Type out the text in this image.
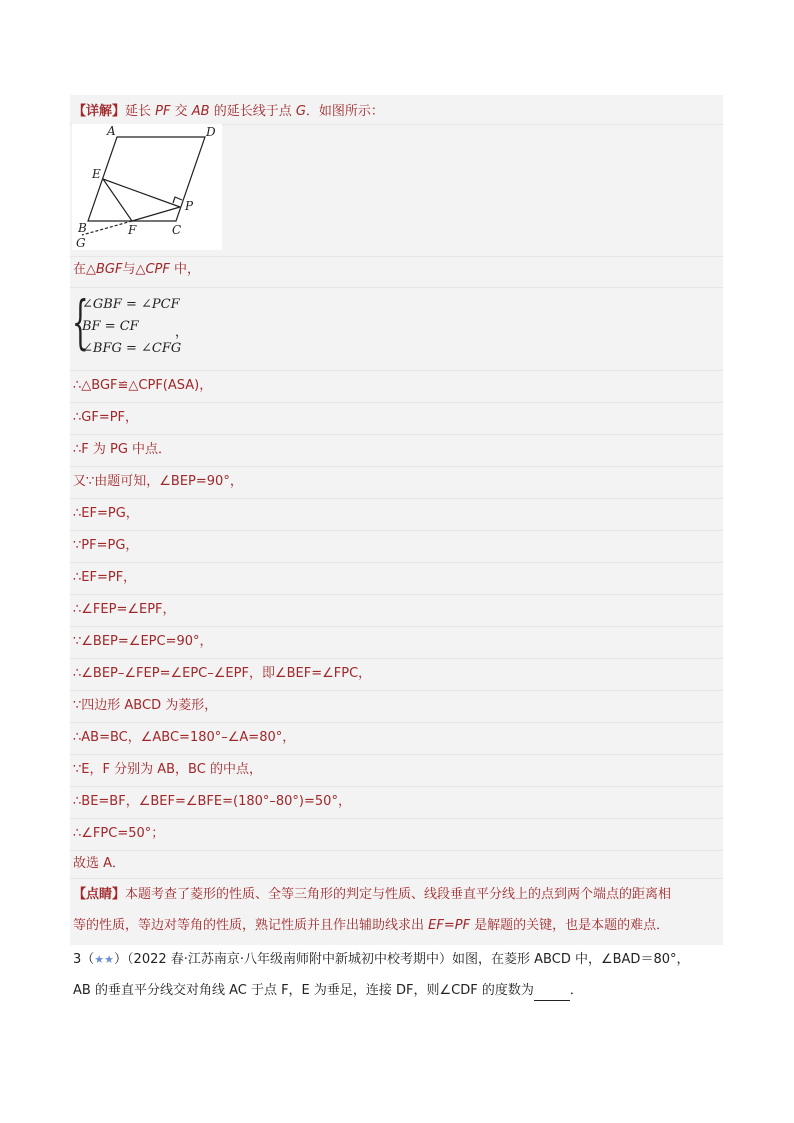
【详解】延长 PF 交 AB 的延长线于点 G．如图所示：
A	D
E
P
B	F	C
G
在△BGF与△CPF 中，
{
∠GBF = ∠PCF
BF = CF	，
∠BFG = ∠CFG
∴△BGF≌△CPF(ASA)，
∴GF=PF，
∴F 为 PG 中点．
又∵由题可知，∠BEP=90°，
∴EF=PG，
∵PF=PG，
∴EF=PF，
∴∠FEP=∠EPF，
∵∠BEP=∠EPC=90°，
∴∠BEP–∠FEP=∠EPC–∠EPF，即∠BEF=∠FPC，
∵四边形 ABCD 为菱形，
∴AB=BC，∠ABC=180°–∠A=80°，
∵E，F 分别为 AB，BC 的中点，
∴BE=BF，∠BEF=∠BFE=(180°–80°)=50°，
∴∠FPC=50°；
故选 A．
【点睛】本题考查了菱形的性质、全等三角形的判定与性质、线段垂直平分线上的点到两个端点的距离相
等的性质，等边对等角的性质，熟记性质并且作出辅助线求出 EF=PF 是解题的关键，也是本题的难点．
3（★★）（2022 春·江苏南京·八年级南师附中新城初中校考期中）如图，在菱形 ABCD 中，∠BAD＝80°，
AB 的垂直平分线交对角线 AC 于点 F，E 为垂足，连接 DF，则∠CDF 的度数为	．
